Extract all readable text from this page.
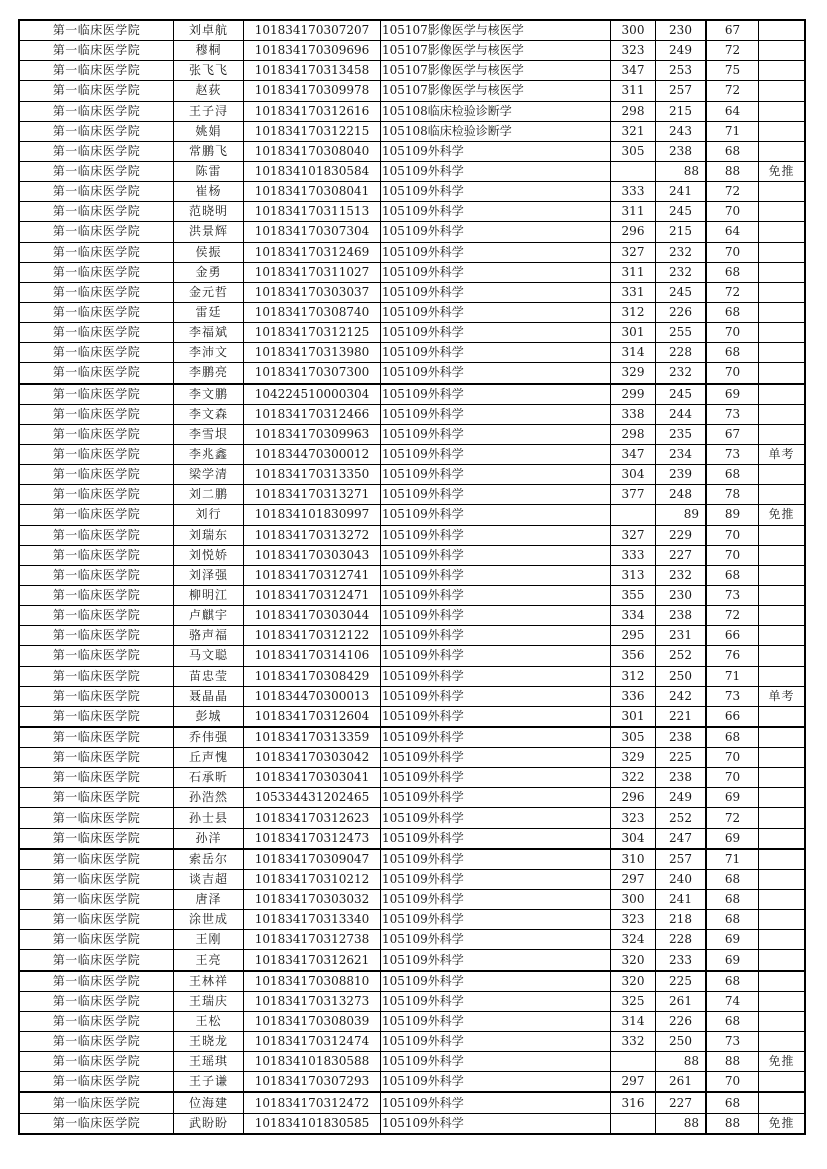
第一临床医学院	刘卓航	101834170307207	105107影像医学与核医学	300	230	67	
第一临床医学院	穆桐	101834170309696	105107影像医学与核医学	323	249	72	
第一临床医学院	张飞飞	101834170313458	105107影像医学与核医学	347	253	75	
第一临床医学院	赵荻	101834170309978	105107影像医学与核医学	311	257	72	
第一临床医学院	王子浔	101834170312616	105108临床检验诊断学	298	215	64	
第一临床医学院	姚娟	101834170312215	105108临床检验诊断学	321	243	71	
第一临床医学院	常鹏飞	101834170308040	105109外科学	305	238	68	
第一临床医学院	陈雷	101834101830584	105109外科学		88	88	免推
第一临床医学院	崔杨	101834170308041	105109外科学	333	241	72	
第一临床医学院	范晓明	101834170311513	105109外科学	311	245	70	
第一临床医学院	洪景辉	101834170307304	105109外科学	296	215	64	
第一临床医学院	侯振	101834170312469	105109外科学	327	232	70	
第一临床医学院	金勇	101834170311027	105109外科学	311	232	68	
第一临床医学院	金元哲	101834170303037	105109外科学	331	245	72	
第一临床医学院	雷廷	101834170308740	105109外科学	312	226	68	
第一临床医学院	李福斌	101834170312125	105109外科学	301	255	70	
第一临床医学院	李沛文	101834170313980	105109外科学	314	228	68	
第一临床医学院	李鹏亮	101834170307300	105109外科学	329	232	70	
第一临床医学院	李文鹏	104224510000304	105109外科学	299	245	69	
第一临床医学院	李文森	101834170312466	105109外科学	338	244	73	
第一临床医学院	李雪垠	101834170309963	105109外科学	298	235	67	
第一临床医学院	李兆鑫	101834470300012	105109外科学	347	234	73	单考
第一临床医学院	梁学清	101834170313350	105109外科学	304	239	68	
第一临床医学院	刘二鹏	101834170313271	105109外科学	377	248	78	
第一临床医学院	刘行	101834101830997	105109外科学		89	89	免推
第一临床医学院	刘瑞东	101834170313272	105109外科学	327	229	70	
第一临床医学院	刘悦娇	101834170303043	105109外科学	333	227	70	
第一临床医学院	刘泽强	101834170312741	105109外科学	313	232	68	
第一临床医学院	柳明江	101834170312471	105109外科学	355	230	73	
第一临床医学院	卢麒宇	101834170303044	105109外科学	334	238	72	
第一临床医学院	骆声福	101834170312122	105109外科学	295	231	66	
第一临床医学院	马文聪	101834170314106	105109外科学	356	252	76	
第一临床医学院	苗忠莹	101834170308429	105109外科学	312	250	71	
第一临床医学院	聂晶晶	101834470300013	105109外科学	336	242	73	单考
第一临床医学院	彭城	101834170312604	105109外科学	301	221	66	
第一临床医学院	乔伟强	101834170313359	105109外科学	305	238	68	
第一临床医学院	丘声愧	101834170303042	105109外科学	329	225	70	
第一临床医学院	石承昕	101834170303041	105109外科学	322	238	70	
第一临床医学院	孙浩然	105334431202465	105109外科学	296	249	69	
第一临床医学院	孙士县	101834170312623	105109外科学	323	252	72	
第一临床医学院	孙洋	101834170312473	105109外科学	304	247	69	
第一临床医学院	索岳尔	101834170309047	105109外科学	310	257	71	
第一临床医学院	谈吉超	101834170310212	105109外科学	297	240	68	
第一临床医学院	唐泽	101834170303032	105109外科学	300	241	68	
第一临床医学院	涂世成	101834170313340	105109外科学	323	218	68	
第一临床医学院	王刚	101834170312738	105109外科学	324	228	69	
第一临床医学院	王亮	101834170312621	105109外科学	320	233	69	
第一临床医学院	王林祥	101834170308810	105109外科学	320	225	68	
第一临床医学院	王瑞庆	101834170313273	105109外科学	325	261	74	
第一临床医学院	王松	101834170308039	105109外科学	314	226	68	
第一临床医学院	王晓龙	101834170312474	105109外科学	332	250	73	
第一临床医学院	王瑶琪	101834101830588	105109外科学		88	88	免推
第一临床医学院	王子谦	101834170307293	105109外科学	297	261	70	
第一临床医学院	位海建	101834170312472	105109外科学	316	227	68	
第一临床医学院	武盼盼	101834101830585	105109外科学		88	88	免推
